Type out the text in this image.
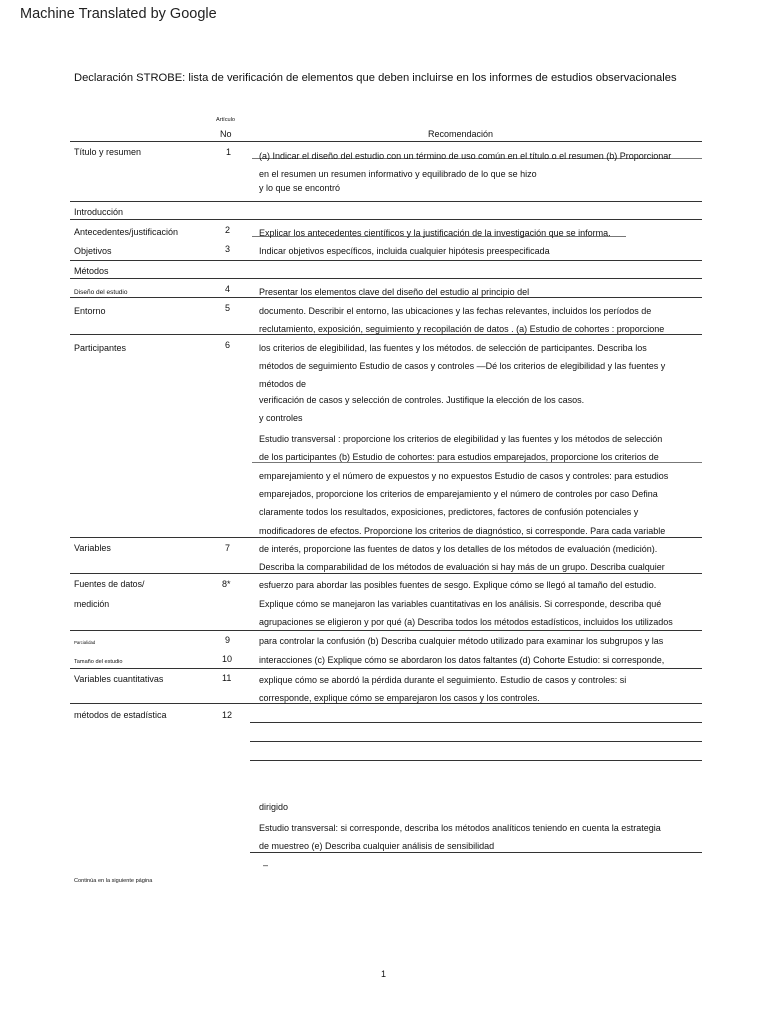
Machine Translated by Google
Declaración STROBE: lista de verificación de elementos que deben incluirse en los informes de estudios observacionales
Artículo
No	Recomendación
Título y resumen
Introducción
Antecedentes/justificación
Objetivos
Métodos
Diseño del estudio
Entorno
Participantes
Variables
Fuentes de datos/
medición
Parcialidad
Tamaño del estudio
Variables cuantitativas
métodos de estadística
1
2
3
4
5
6
7
8*
9
10
11
12
(a) Indicar el diseño del estudio con un término de uso común en el título o el resumen (b) Proporcionar
en el resumen un resumen informativo y equilibrado de lo que se hizo
y lo que se encontró
Explicar los antecedentes científicos y la justificación de la investigación que se informa.
Indicar objetivos específicos, incluida cualquier hipótesis preespecificada
Presentar los elementos clave del diseño del estudio al principio del
documento. Describir el entorno, las ubicaciones y las fechas relevantes, incluidos los períodos de
reclutamiento, exposición, seguimiento y recopilación de datos . (a) Estudio de cohortes : proporcione
los criterios de elegibilidad, las fuentes y los métodos. de selección de participantes. Describa los
métodos de seguimiento Estudio de casos y controles —Dé los criterios de elegibilidad y las fuentes y
métodos de
verificación de casos y selección de controles. Justifique la elección de los casos.
y controles
Estudio transversal : proporcione los criterios de elegibilidad y las fuentes y los métodos de selección
de los participantes (b) Estudio de cohortes: para estudios emparejados, proporcione los criterios de
emparejamiento y el número de expuestos y no expuestos Estudio de casos y controles: para estudios
emparejados, proporcione los criterios de emparejamiento y el número de controles por caso Defina
claramente todos los resultados, exposiciones, predictores, factores de confusión potenciales y
modificadores de efectos. Proporcione los criterios de diagnóstico, si corresponde. Para cada variable
de interés, proporcione las fuentes de datos y los detalles de los métodos de evaluación (medición).
Describa la comparabilidad de los métodos de evaluación si hay más de un grupo. Describa cualquier
esfuerzo para abordar las posibles fuentes de sesgo. Explique cómo se llegó al tamaño del estudio.
Explique cómo se manejaron las variables cuantitativas en los análisis. Si corresponde, describa qué
agrupaciones se eligieron y por qué (a) Describa todos los métodos estadísticos, incluidos los utilizados
para controlar la confusión (b) Describa cualquier método utilizado para examinar los subgrupos y las
interacciones (c) Explique cómo se abordaron los datos faltantes (d) Cohorte Estudio: si corresponde,
explique cómo se abordó la pérdida durante el seguimiento. Estudio de casos y controles: si
corresponde, explique cómo se emparejaron los casos y los controles.
dirigido
Estudio transversal: si corresponde, describa los métodos analíticos teniendo en cuenta la estrategia
de muestreo (e) Describa cualquier análisis de sensibilidad
–
Continúa en la siguiente página
1
